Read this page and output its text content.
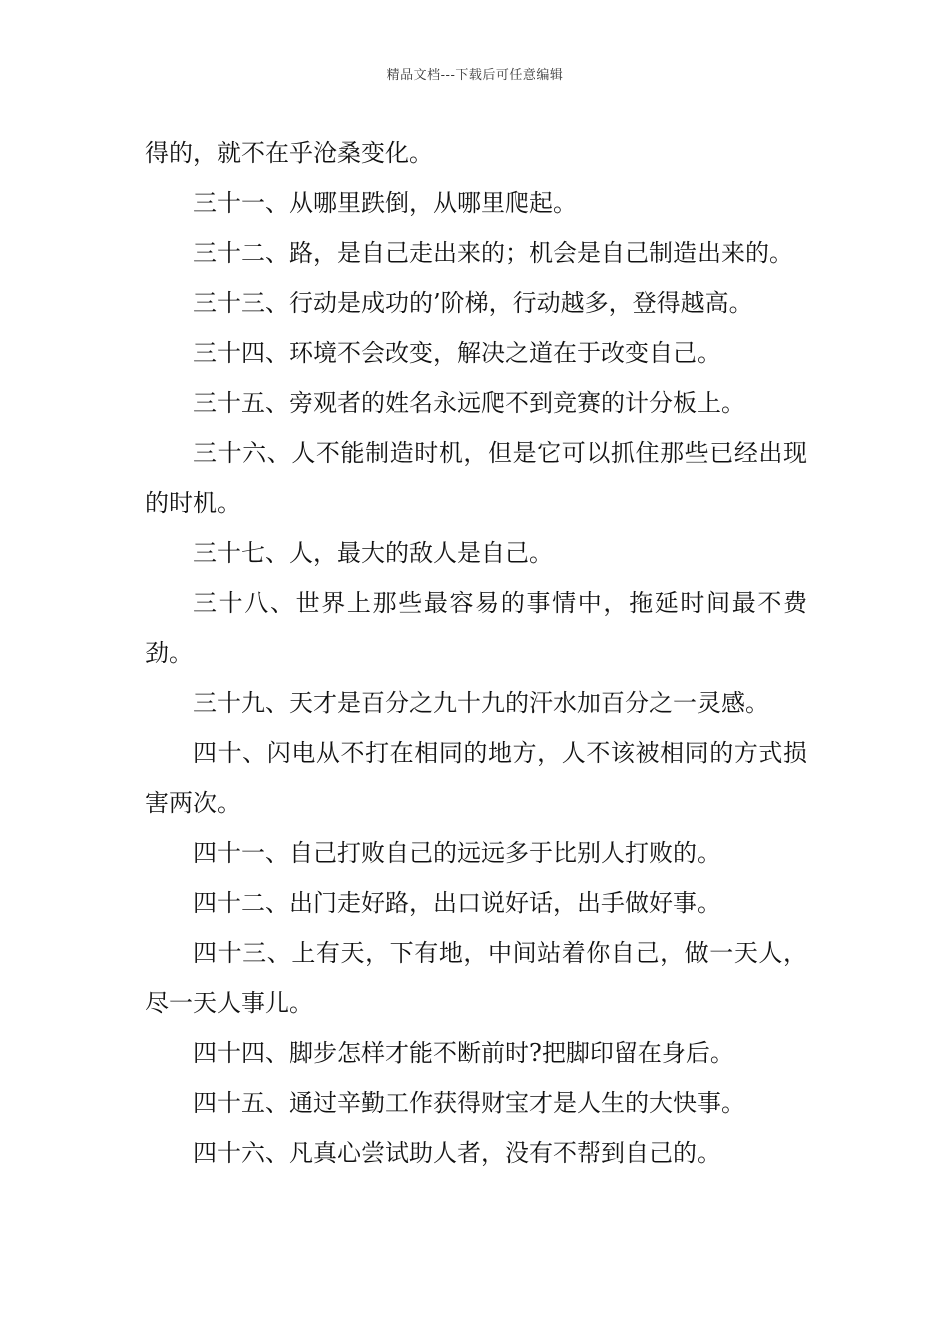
精品文档---下载后可任意编辑

得的，就不在乎沧桑变化。

三十一、从哪里跌倒，从哪里爬起。

三十二、路，是自己走出来的；机会是自己制造出来的。

三十三、行动是成功的’阶梯，行动越多，登得越高。

三十四、环境不会改变，解决之道在于改变自己。

三十五、旁观者的姓名永远爬不到竞赛的计分板上。

三十六、人不能制造时机，但是它可以抓住那些已经出现的时机。

三十七、人，最大的敌人是自己。

三十八、世界上那些最容易的事情中，拖延时间最不费劲。

三十九、天才是百分之九十九的汗水加百分之一灵感。

四十、闪电从不打在相同的地方，人不该被相同的方式损害两次。

四十一、自己打败自己的远远多于比别人打败的。

四十二、出门走好路，出口说好话，出手做好事。

四十三、上有天，下有地，中间站着你自己，做一天人，尽一天人事儿。

四十四、脚步怎样才能不断前时?把脚印留在身后。

四十五、通过辛勤工作获得财宝才是人生的大快事。

四十六、凡真心尝试助人者，没有不帮到自己的。
